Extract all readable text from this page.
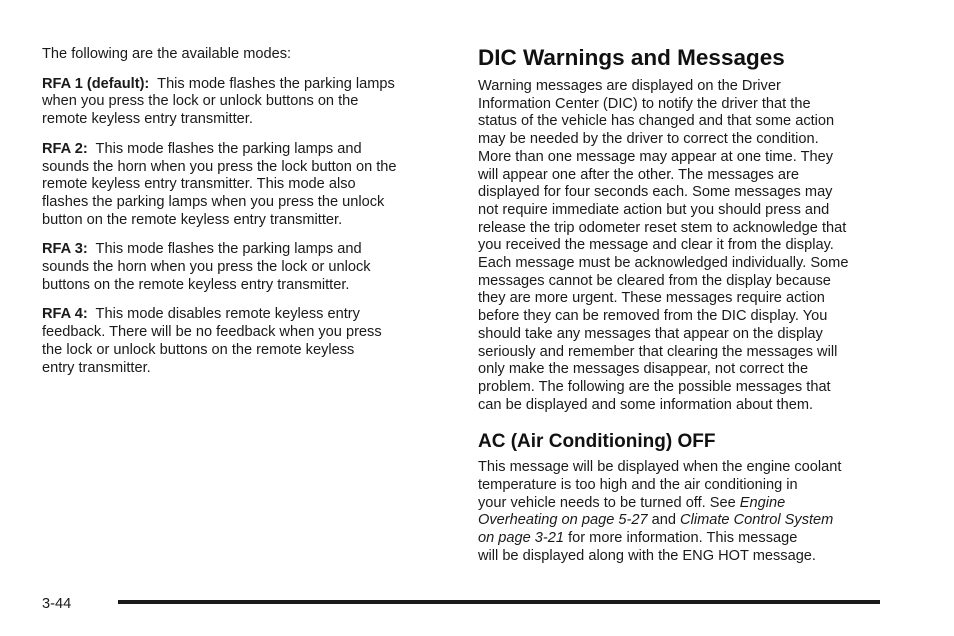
The following are the available modes:

RFA 1 (default): This mode flashes the parking lamps
when you press the lock or unlock buttons on the
remote keyless entry transmitter.

RFA 2: This mode flashes the parking lamps and
sounds the horn when you press the lock button on the
remote keyless entry transmitter. This mode also
flashes the parking lamps when you press the unlock
button on the remote keyless entry transmitter.

RFA 3: This mode flashes the parking lamps and
sounds the horn when you press the lock or unlock
buttons on the remote keyless entry transmitter.

RFA 4: This mode disables remote keyless entry
feedback. There will be no feedback when you press
the lock or unlock buttons on the remote keyless
entry transmitter.

DIC Warnings and Messages

Warning messages are displayed on the Driver
Information Center (DIC) to notify the driver that the
status of the vehicle has changed and that some action
may be needed by the driver to correct the condition.
More than one message may appear at one time. They
will appear one after the other. The messages are
displayed for four seconds each. Some messages may
not require immediate action but you should press and
release the trip odometer reset stem to acknowledge that
you received the message and clear it from the display.
Each message must be acknowledged individually. Some
messages cannot be cleared from the display because
they are more urgent. These messages require action
before they can be removed from the DIC display. You
should take any messages that appear on the display
seriously and remember that clearing the messages will
only make the messages disappear, not correct the
problem. The following are the possible messages that
can be displayed and some information about them.

AC (Air Conditioning) OFF

This message will be displayed when the engine coolant
temperature is too high and the air conditioning in
your vehicle needs to be turned off. See Engine
Overheating on page 5-27 and Climate Control System
on page 3-21 for more information. This message
will be displayed along with the ENG HOT message.

3-44
